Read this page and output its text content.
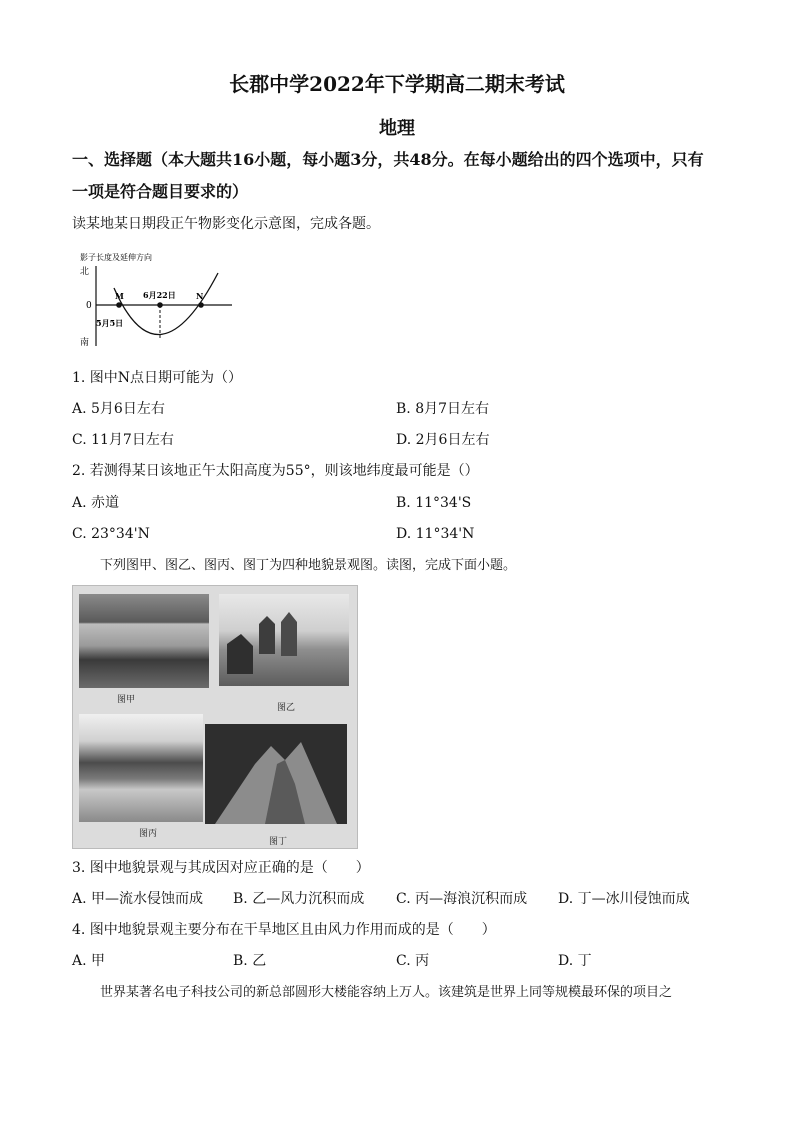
长郡中学2022年下学期高二期末考试
地理
一、选择题（本大题共16小题，每小题3分，共48分。在每小题给出的四个选项中，只有
一项是符合题目要求的）
读某地某日期段正午物影变化示意图，完成各题。
影子长度及延伸方向
北
南
0
M 6月22日	N
5月5日
1. 图中N点日期可能为（）
A. 5月6日左右	B. 8月7日左右
C. 11月7日左右	D. 2月6日左右
2. 若测得某日该地正午太阳高度为55°，则该地纬度最可能是（）
A. 赤道	B. 11°34'S
C. 23°34'N	D. 11°34'N
下列图甲、图乙、图丙、图丁为四种地貌景观图。读图，完成下面小题。
图甲
图乙
图丙
图丁
3. 图中地貌景观与其成因对应正确的是（　　）
A. 甲—流水侵蚀而成 B. 乙—风力沉积而成 C. 丙—海浪沉积而成 D. 丁—冰川侵蚀而成
4. 图中地貌景观主要分布在干旱地区且由风力作用而成的是（　　）
A. 甲	B. 乙	C. 丙	D. 丁
世界某著名电子科技公司的新总部圆形大楼能容纳上万人。该建筑是世界上同等规模最环保的项目之
